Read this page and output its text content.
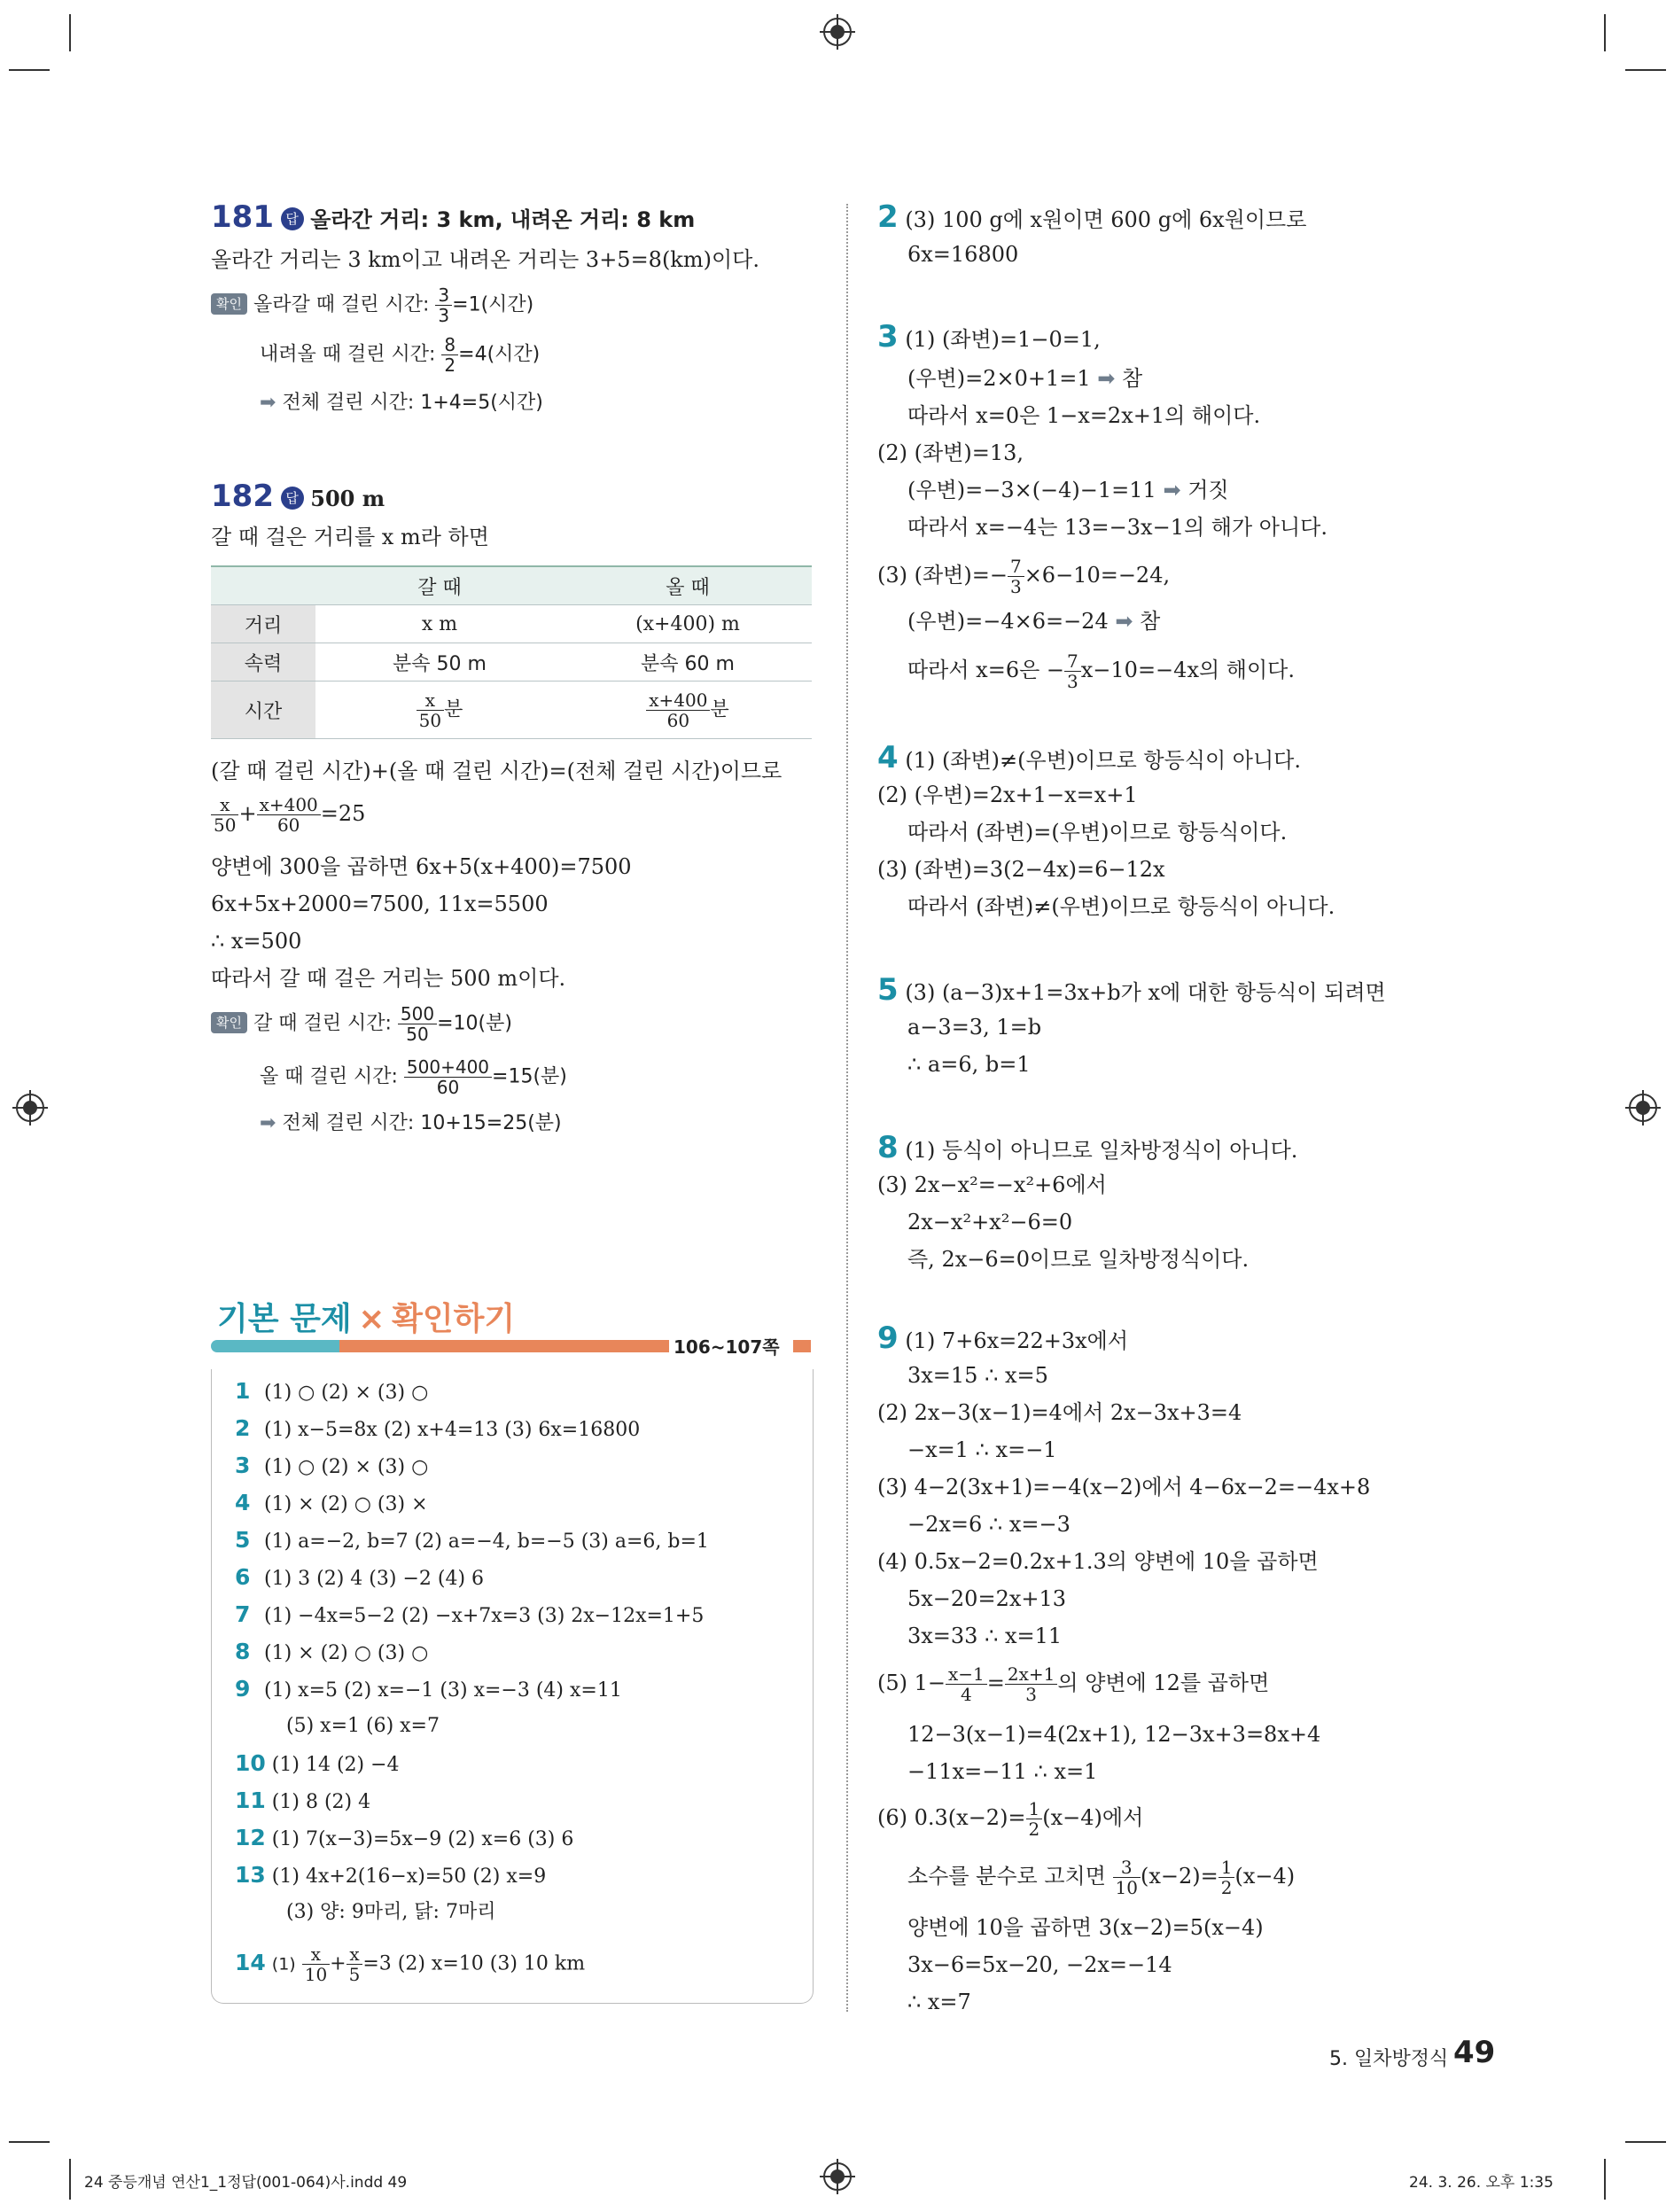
181 답 올라간 거리: 3 km, 내려온 거리: 8 km
올라간 거리는 3 km이고 내려온 거리는 3+5=8(km)이다.
확인 올라갈 때 걸린 시간: $\frac{3}{3} =1$(시간)
내려올 때 걸린 시간: $\frac{8}{2} =4$(시간)
➡ 전체 걸린 시간: 1+4=5(시간)
182 답 500 m
갈 때 걸은 거리를 x m라 하면
	갈 때	올 때
거리	x m	(x+400) m
속력	분속 50 m	분속 60 m
시간	$\frac{x}{50}$ 분	$\frac{x+400}{60}$ 분
(갈 때 걸린 시간)+(올 때 걸린 시간)=(전체 걸린 시간)이므로
$\frac{x}{50} + \frac{x+400}{60} =25$
양변에 300을 곱하면 6x+5(x+400)=7500
6x+5x+2000=7500, 11x=5500
∴ x=500
따라서 갈 때 걸은 거리는 500 m이다.
확인 갈 때 걸린 시간: $\frac{500}{50} =10$(분)
올 때 걸린 시간: $\frac{500+400}{60} =15$(분)
➡ 전체 걸린 시간: 10+15=25(분)
기본 문제 × 확인하기
106~107쪽
1 (1) ○ (2) × (3) ○
2 (1) x−5=8x (2) x+4=13 (3) 6x=16800
3 (1) ○ (2) × (3) ○
4 (1) × (2) ○ (3) ×
5 (1) a=−2, b=7 (2) a=−4, b=−5 (3) a=6, b=1
6 (1) 3 (2) 4 (3) −2 (4) 6
7 (1) −4x=5−2 (2) −x+7x=3 (3) 2x−12x=1+5
8 (1) × (2) ○ (3) ○
9 (1) x=5 (2) x=−1 (3) x=−3 (4) x=11
(5) x=1 (6) x=7
10 (1) 14 (2) −4
11 (1) 8 (2) 4
12 (1) 7(x−3)=5x−9 (2) x=6 (3) 6
13 (1) 4x+2(16−x)=50 (2) x=9
(3) 양: 9마리, 닭: 7마리
14 $(1) \frac{x}{10} + \frac{x}{5} =3$ (2) x=10 (3) 10 km
2 (3) 100 g에 x원이면 600 g에 6x원이므로
6x=16800
3 (1) (좌변)=1−0=1,
(우변)=2×0+1=1 ➡ 참
따라서 x=0은 1−x=2x+1의 해이다.
(2) (좌변)=13,
(우변)=−3×(−4)−1=11 ➡ 거짓
따라서 x=−4는 13=−3x−1의 해가 아니다.
(3) (좌변)=− $\frac{7}{3} \times 6-10=-24$,
(우변)=−4×6=−24 ➡ 참
따라서 x=6은 − $\frac{7}{3} x-10=-4x$의 해이다.
4 (1) (좌변)≠(우변)이므로 항등식이 아니다.
(2) (우변)=2x+1−x=x+1
따라서 (좌변)=(우변)이므로 항등식이다.
(3) (좌변)=3(2−4x)=6−12x
따라서 (좌변)≠(우변)이므로 항등식이 아니다.
5 (3) (a−3)x+1=3x+b가 x에 대한 항등식이 되려면
a−3=3, 1=b
∴ a=6, b=1
8 (1) 등식이 아니므로 일차방정식이 아니다.
(3) 2x−x²=−x²+6에서
2x−x²+x²−6=0
즉, 2x−6=0이므로 일차방정식이다.
9 (1) 7+6x=22+3x에서
3x=15 ∴ x=5
(2) 2x−3(x−1)=4에서 2x−3x+3=4
−x=1 ∴ x=−1
(3) 4−2(3x+1)=−4(x−2)에서 4−6x−2=−4x+8
−2x=6 ∴ x=−3
(4) 0.5x−2=0.2x+1.3의 양변에 10을 곱하면
5x−20=2x+13
3x=33 ∴ x=11
(5) $1- \frac{x-1}{4} = \frac{2x+1}{3}$ 의 양변에 12를 곱하면
12−3(x−1)=4(2x+1), 12−3x+3=8x+4
−11x=−11 ∴ x=1
(6) $0.3(x-2)= \frac{1}{2} (x-4)$에서
소수를 분수로 고치면 $\frac{3}{10} (x-2)= \frac{1}{2} (x-4)$
양변에 10을 곱하면 3(x−2)=5(x−4)
3x−6=5x−20, −2x=−14
∴ x=7
5. 일차방정식 49
24 중등개념 연산1_1정답(001-064)사.indd 49	24. 3. 26. 오후 1:35
